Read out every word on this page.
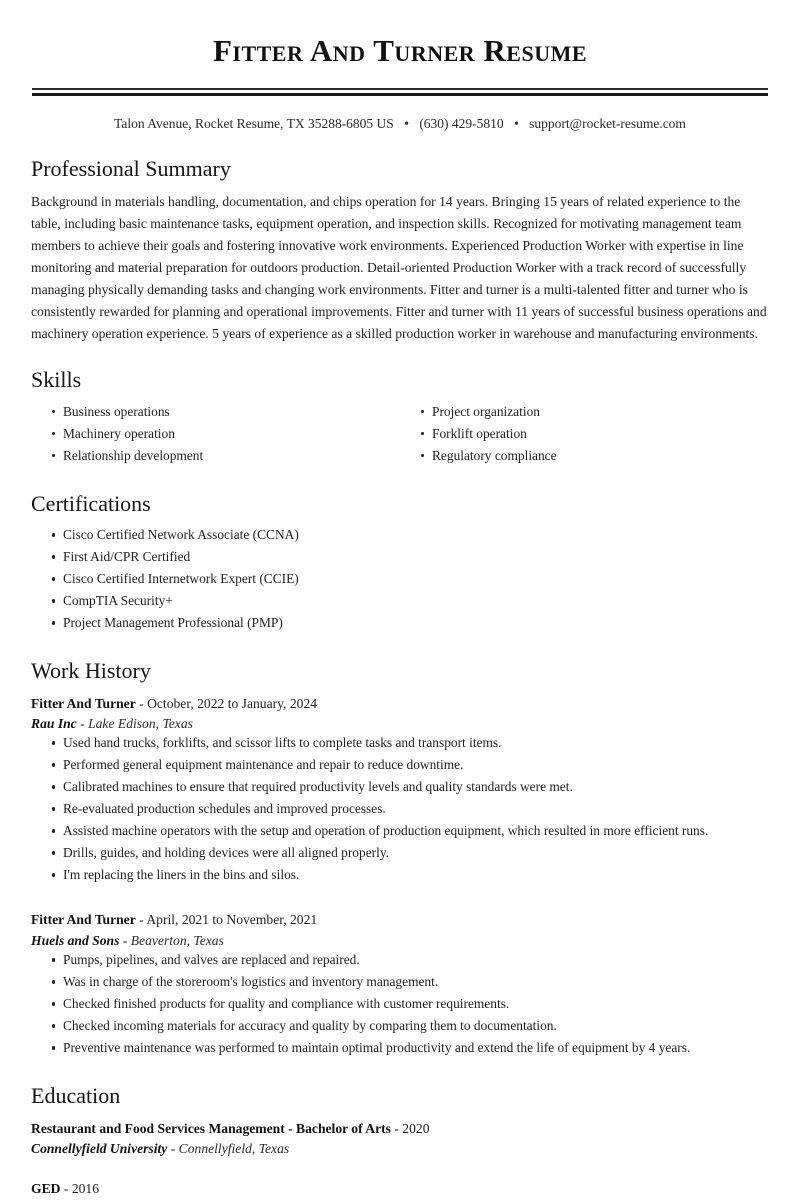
Fitter And Turner Resume
Talon Avenue, Rocket Resume, TX 35288-6805 US • (630) 429-5810 • support@rocket-resume.com
Professional Summary

Background in materials handling, documentation, and chips operation for 14 years. Bringing 15 years of related experience to the table, including basic maintenance tasks, equipment operation, and inspection skills. Recognized for motivating management team members to achieve their goals and fostering innovative work environments. Experienced Production Worker with expertise in line monitoring and material preparation for outdoors production. Detail-oriented Production Worker with a track record of successfully managing physically demanding tasks and changing work environments. Fitter and turner is a multi-talented fitter and turner who is consistently rewarded for planning and operational improvements. Fitter and turner with 11 years of successful business operations and machinery operation experience. 5 years of experience as a skilled production worker in warehouse and manufacturing environments.

Skills
Business operations
Machinery operation
Relationship development
Project organization
Forklift operation
Regulatory compliance
Certifications
Cisco Certified Network Associate (CCNA)
First Aid/CPR Certified
Cisco Certified Internetwork Expert (CCIE)
CompTIA Security+
Project Management Professional (PMP)
Work History
Fitter And Turner - October, 2022 to January, 2024
Rau Inc - Lake Edison, Texas
Used hand trucks, forklifts, and scissor lifts to complete tasks and transport items.
Performed general equipment maintenance and repair to reduce downtime.
Calibrated machines to ensure that required productivity levels and quality standards were met.
Re-evaluated production schedules and improved processes.
Assisted machine operators with the setup and operation of production equipment, which resulted in more efficient runs.
Drills, guides, and holding devices were all aligned properly.
I'm replacing the liners in the bins and silos.
Fitter And Turner - April, 2021 to November, 2021
Huels and Sons - Beaverton, Texas
Pumps, pipelines, and valves are replaced and repaired.
Was in charge of the storeroom's logistics and inventory management.
Checked finished products for quality and compliance with customer requirements.
Checked incoming materials for accuracy and quality by comparing them to documentation.
Preventive maintenance was performed to maintain optimal productivity and extend the life of equipment by 4 years.
Education
Restaurant and Food Services Management - Bachelor of Arts - 2020
Connellyfield University - Connellyfield, Texas
GED - 2016
